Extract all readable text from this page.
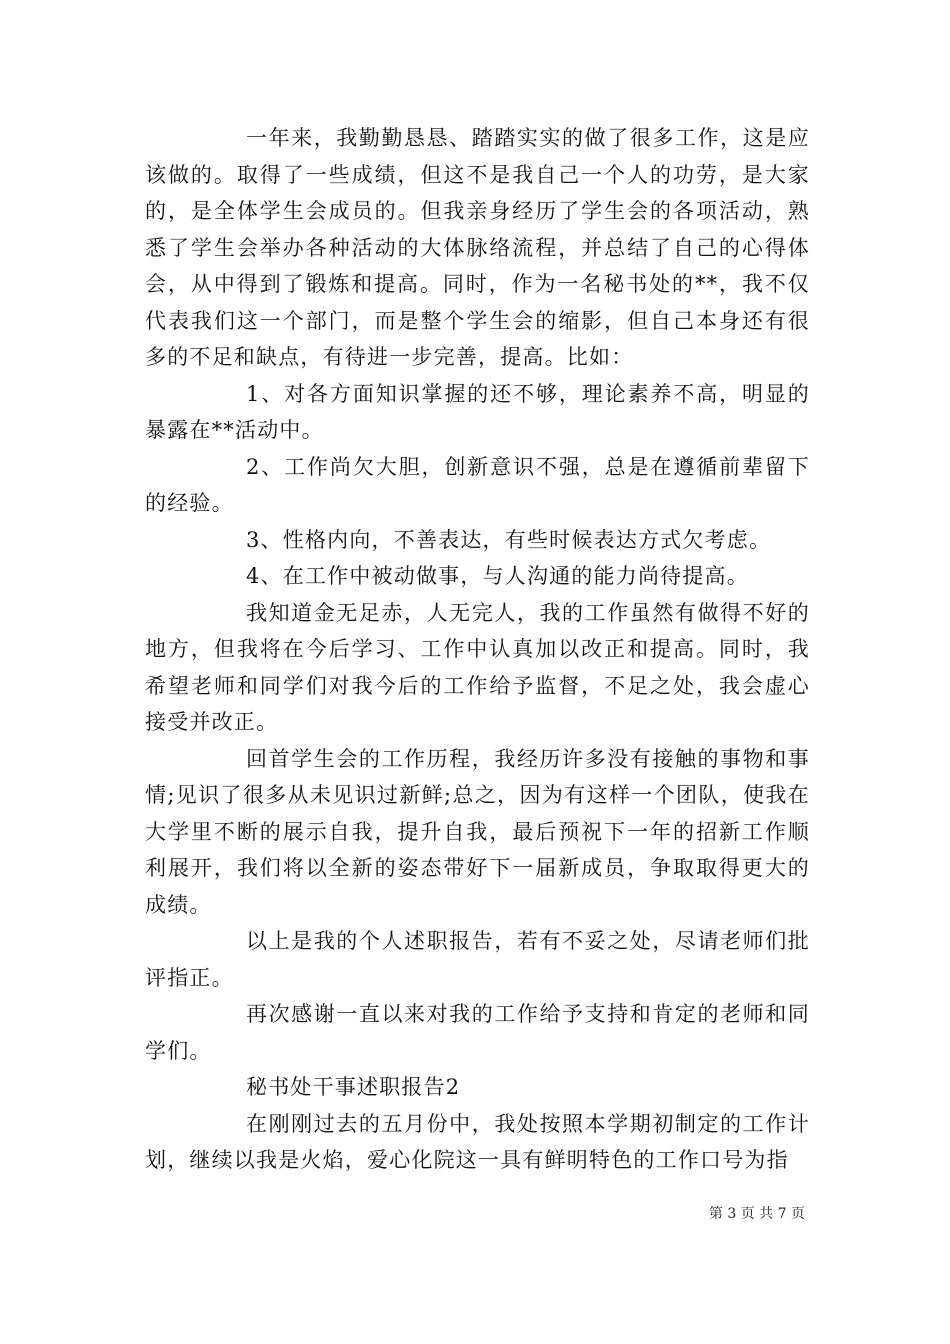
一年来，我勤勤恳恳、踏踏实实的做了很多工作，这是应该做的。取得了一些成绩，但这不是我自己一个人的功劳，是大家的，是全体学生会成员的。但我亲身经历了学生会的各项活动，熟悉了学生会举办各种活动的大体脉络流程，并总结了自己的心得体会，从中得到了锻炼和提高。同时，作为一名秘书处的**，我不仅代表我们这一个部门，而是整个学生会的缩影，但自己本身还有很多的不足和缺点，有待进一步完善，提高。比如：

1、对各方面知识掌握的还不够，理论素养不高，明显的暴露在**活动中。

2、工作尚欠大胆，创新意识不强，总是在遵循前辈留下的经验。

3、性格内向，不善表达，有些时候表达方式欠考虑。

4、在工作中被动做事，与人沟通的能力尚待提高。

我知道金无足赤，人无完人，我的工作虽然有做得不好的地方，但我将在今后学习、工作中认真加以改正和提高。同时，我希望老师和同学们对我今后的工作给予监督，不足之处，我会虚心接受并改正。

回首学生会的工作历程，我经历许多没有接触的事物和事情;见识了很多从未见识过新鲜;总之，因为有这样一个团队，使我在大学里不断的展示自我，提升自我，最后预祝下一年的招新工作顺利展开，我们将以全新的姿态带好下一届新成员，争取取得更大的成绩。

以上是我的个人述职报告，若有不妥之处，尽请老师们批评指正。

再次感谢一直以来对我的工作给予支持和肯定的老师和同学们。

秘书处干事述职报告2

在刚刚过去的五月份中，我处按照本学期初制定的工作计划，继续以我是火焰，爱心化院这一具有鲜明特色的工作口号为指

第 3 页 共 7 页
